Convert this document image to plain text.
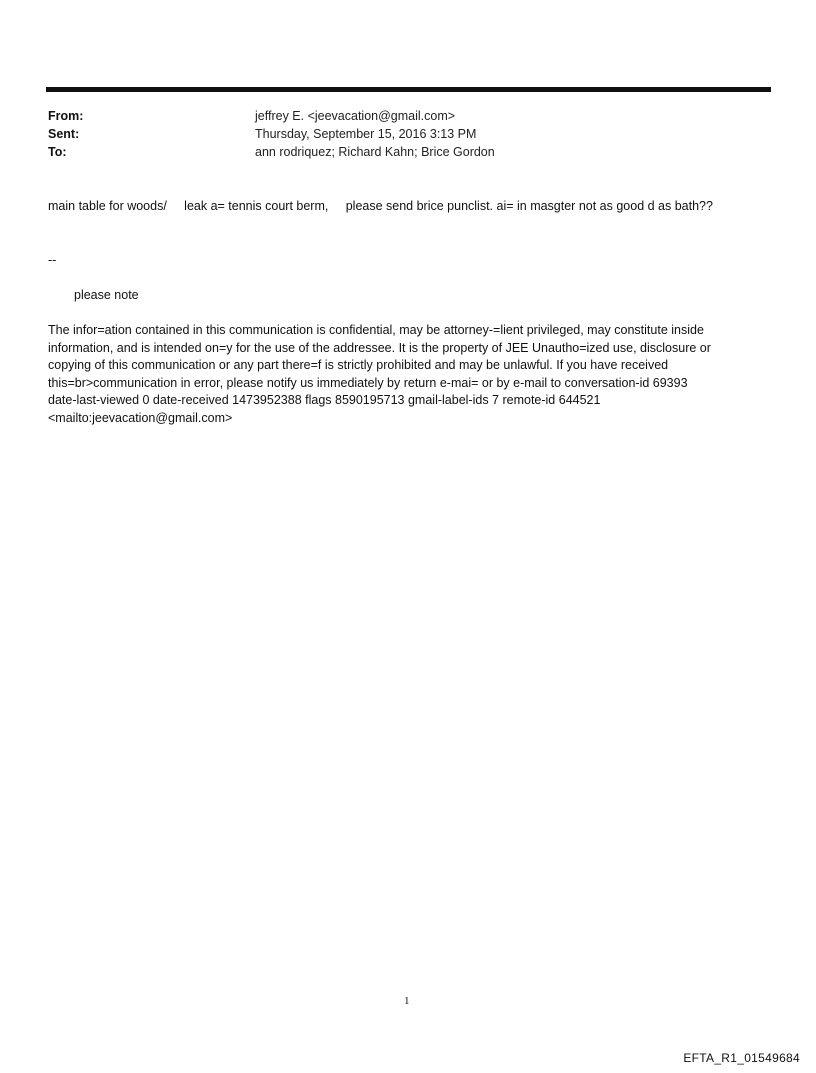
From:	jeffrey E. <jeevacation@gmail.com>
Sent:	Thursday, September 15, 2016 3:13 PM
To:	ann rodriquez; Richard Kahn; Brice Gordon
main table for woods/     leak a= tennis court berm,     please send brice punclist. ai= in masgter not as good d as bath??
--
please note
The infor=ation contained in this communication is confidential, may be attorney-=lient privileged, may constitute inside
information, and is intended on=y for the use of the addressee. It is the property of JEE Unautho=ized use, disclosure or
copying of this communication or any part there=f is strictly prohibited and may be unlawful. If you have received
this=br>communication in error, please notify us immediately by return e-mai= or by e-mail to conversation-id 69393
date-last-viewed 0 date-received 1473952388 flags 8590195713 gmail-label-ids 7 remote-id 644521
<mailto:jeevacation@gmail.com>
1
EFTA_R1_01549684
